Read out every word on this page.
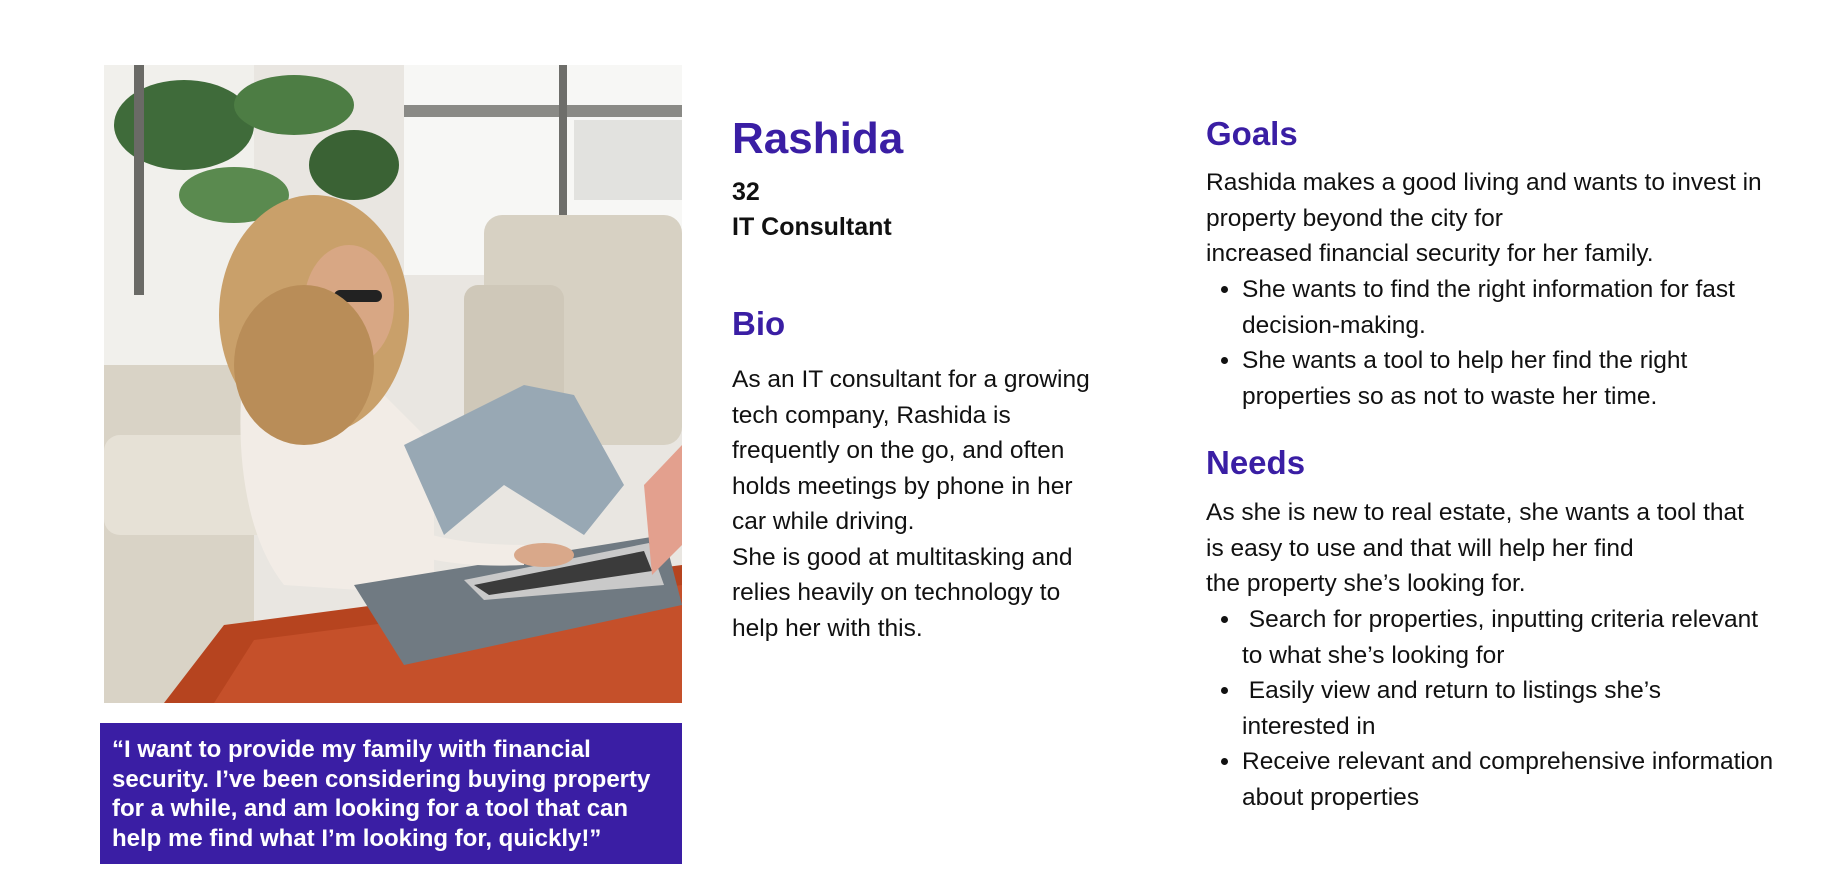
“I want to provide my family with financial
security. I’ve been considering buying property
for a while, and am looking for a tool that can
help me find what I’m looking for, quickly!”
Rashida
32
IT Consultant
Bio

As an IT consultant for a growing
tech company, Rashida is
frequently on the go, and often
holds meetings by phone in her
car while driving.
She is good at multitasking and
relies heavily on technology to
help her with this.

Goals

Rashida makes a good living and wants to invest in
property beyond the city for
increased financial security for her family.

• She wants to find the right information for fast
decision-making.
• She wants a tool to help her find the right
properties so as not to waste her time.
Needs

As she is new to real estate, she wants a tool that
is easy to use and that will help her find
the property she’s looking for.

•  Search for properties, inputting criteria relevant
to what she’s looking for
•  Easily view and return to listings she’s
interested in
• Receive relevant and comprehensive information
about properties
